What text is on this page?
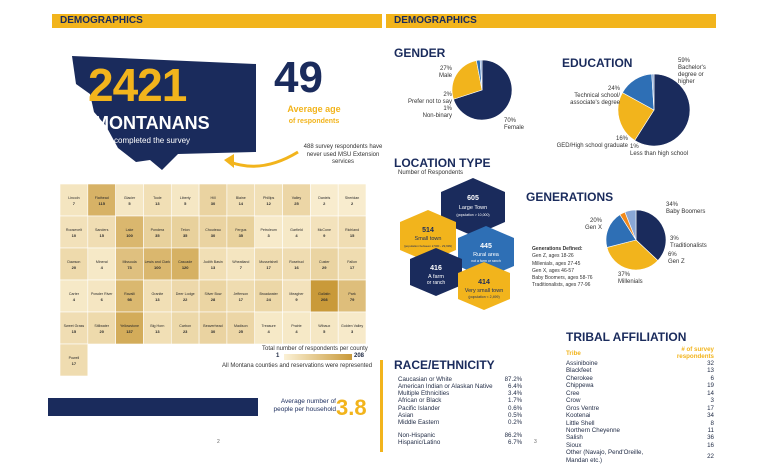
DEMOGRAPHICS
2421
MONTANANS
completed the survey
49
Average age
of respondents
488 survey respondents have never used MSU Extension services
Lincoln
7
Flathead
115
Glacier
5
Toole
13
Liberty
5
Hill
30
Blaine
14
Phillips
12
Valley
25
Daniels
2
Sheridan
2
Roosevelt
10
Sanders
15
Lake
100
Pondera
35
Teton
35
Chouteau
30
Fergus
35
Petroleum
3
Garfield
4
McCone
9
Richland
15
Dawson
20
Mineral
4
Missoula
73
Lewis and Clark
100
Cascade
120
Judith Basin
13
Wheatland
7
Musselshell
17
Rosebud
16
Custer
29
Fallon
17
Carter
4
Powder River
6
Ravalli
98
Granite
13
Deer Lodge
22
Silver Bow
28
Jefferson
17
Broadwater
24
Meagher
9
Gallatin
208
Park
79
Sweet Grass
15
Stillwater
20
Yellowstone
137
Big Horn
13
Carbon
23
Beaverhead
30
Madison
25
Treasure
4
Prairie
4
Wibaux
5
Golden Valley
3
Powell
17
Total number of respondents per county
1	208
All Montana counties and reservations were represented
Average number of people per household 3.8
2
DEMOGRAPHICS
GENDER
27%
Male
2%
Prefer not to say
1%
Non-binary
70%
Female
EDUCATION	59%
Bachelor's degree or higher
24%
Technical school/ associate's degree
16%
GED/High school graduate 1%
Less than high school
LOCATION TYPE
Number of Respondents
605
Large Town
(population > 10,000)
514
Small town
(population between 2,500 - 29,999)	445
Rural area
not a farm or ranch
416
A farm
or ranch	414
Very small town
(population < 2,499)
GENERATIONS
34%
Baby Boomers
20%
Gen X
3%
Traditionalists
6%
Gen Z
37%
Millenials
Generations Defined:
Gen Z, ages 18-26
Millenials, ages 27-45
Gen X, ages 46-57
Baby Boomers, ages 58-76
Traditionalists, ages 77-96
RACE/ETHNICITY
Caucasian or White	87.2%
American Indian or Alaskan Native	6.4%
Multiple Ethnicities	3.4%
African or Black	1.7%
Pacific Islander	0.6%
Asian	0.5%
Middle Eastern	0.2%

Non-Hispanic	86.2%
Hispanic/Latino	6.7%
TRIBAL AFFILIATION
Tribe	# of survey respondents
Assiniboine	32
Blackfeet	13
Cherokee	6
Chippewa	19
Cree	14
Crow	3
Gros Ventre	17
Kootenai	34
Little Shell	8
Northern Cheyenne	11
Salish	36
Sioux	16
Other (Navajo, Pend'Oreille, Mandan etc.)	22
3
